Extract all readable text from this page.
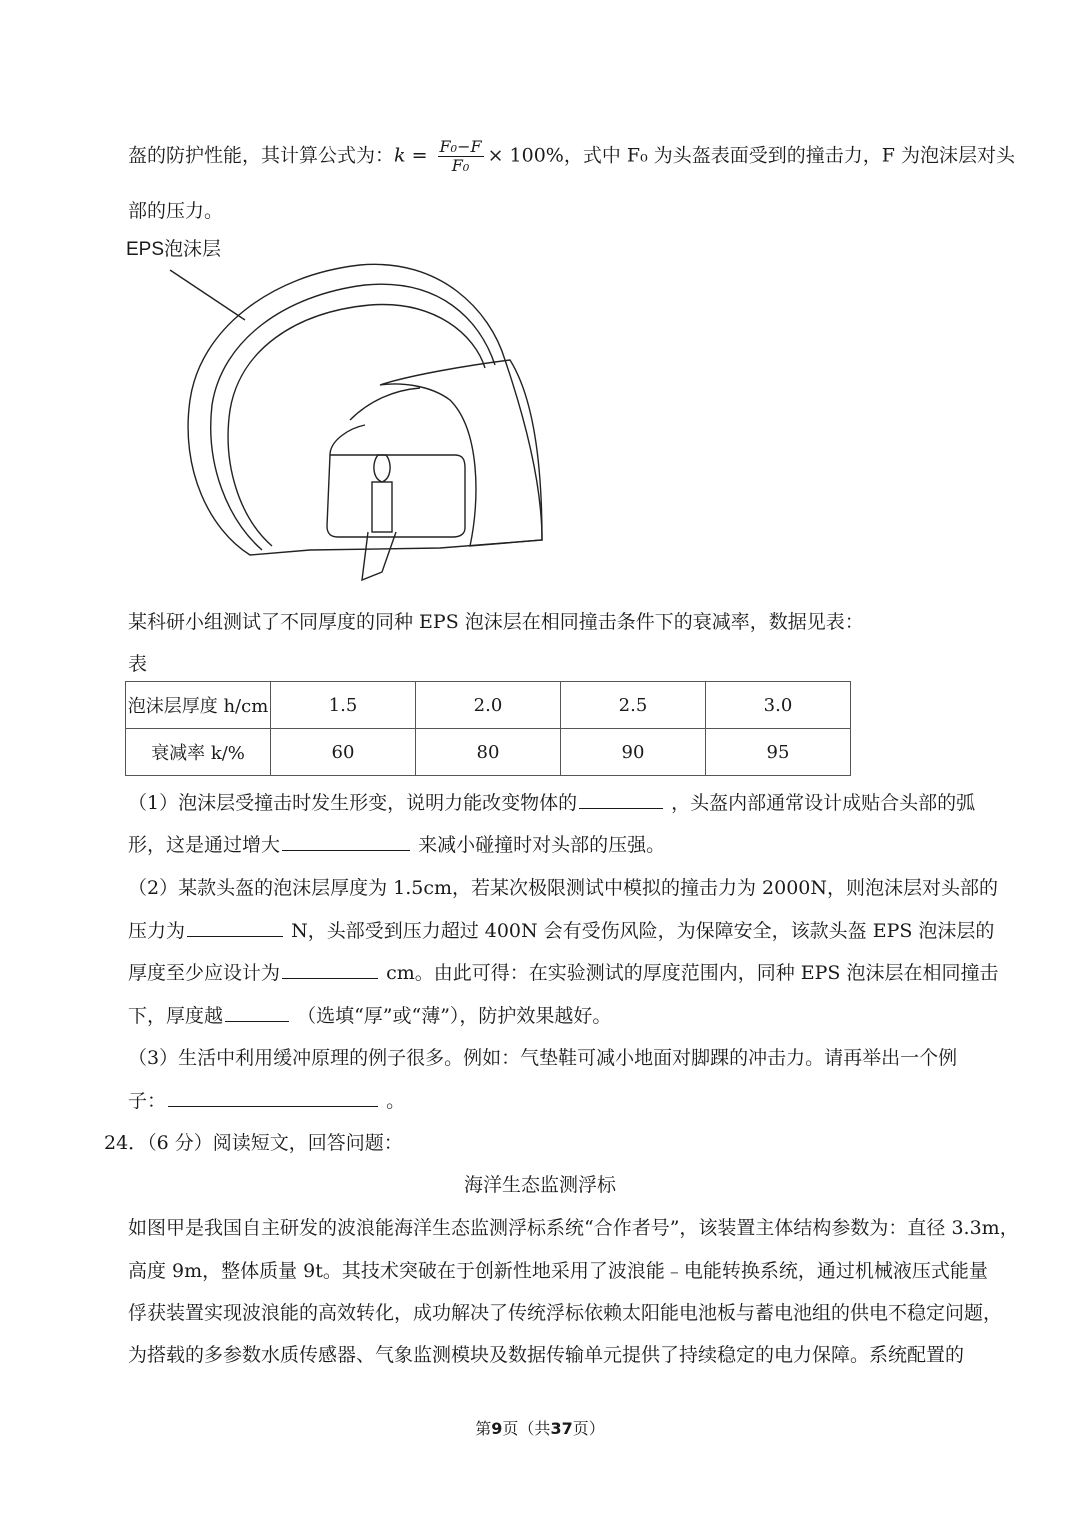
盔的防护性能，其计算公式为：$k = \frac{\text{F₀−F}}{\text{F₀}} \times 100\%$，式中 F₀ 为头盔表面受到的撞击力，F 为泡沫层对头
部的压力。
EPS泡沫层
某科研小组测试了不同厚度的同种 EPS 泡沫层在相同撞击条件下的衰减率，数据见表：
表
泡沫层厚度 h/cm	1.5	2.0	2.5	3.0
衰减率 k/%	60	80	90	95
（1）泡沫层受撞击时发生形变，说明力能改变物体的	，头盔内部通常设计成贴合头部的弧
形，这是通过增大	来减小碰撞时对头部的压强。
（2）某款头盔的泡沫层厚度为 1.5cm，若某次极限测试中模拟的撞击力为 2000N，则泡沫层对头部的
压力为	N，头部受到压力超过 400N 会有受伤风险，为保障安全，该款头盔 EPS 泡沫层的
厚度至少应设计为	cm。由此可得：在实验测试的厚度范围内，同种 EPS 泡沫层在相同撞击
下，厚度越	（选填“厚”或“薄”），防护效果越好。
（3）生活中利用缓冲原理的例子很多。例如：气垫鞋可减小地面对脚踝的冲击力。请再举出一个例
子：	。
24．（6 分）阅读短文，回答问题：
海洋生态监测浮标
如图甲是我国自主研发的波浪能海洋生态监测浮标系统“合作者号”，该装置主体结构参数为：直径 3.3m，
高度 9m，整体质量 9t。其技术突破在于创新性地采用了波浪能﹣电能转换系统，通过机械液压式能量
俘获装置实现波浪能的高效转化，成功解决了传统浮标依赖太阳能电池板与蓄电池组的供电不稳定问题，
为搭载的多参数水质传感器、气象监测模块及数据传输单元提供了持续稳定的电力保障。系统配置的
第9页（共37页）
